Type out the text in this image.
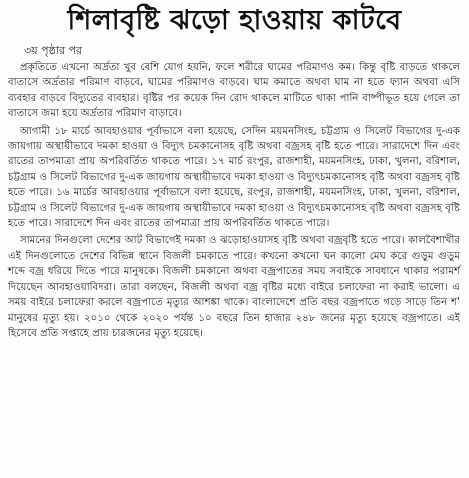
শিলাবৃষ্টি ঝড়ো হাওয়ায় কাটবে
৩য় পৃষ্ঠার পর

প্রকৃতিতে এখনো অর্দ্রতা খুব বেশি যোগ হয়নি, ফলে শরীরে ঘামের পরিমাণও কম। কিন্তু বৃষ্টি বাড়তে থাকলে বাতাসে অর্দ্রতার পরিমাণ বাড়বে, ঘামের পরিমাণও বাড়বে। ঘাম কমাতে অথবা ঘাম না হতে ফ্যান অথবা এসি ব্যবহার বাড়বে বিদ্যুতের ব্যবহার। বৃষ্টির পর কয়েক দিন রোদ থাকলে মাটিতে থাকা পানি বাষ্পীভূত হয়ে গেলে তা বাতাসে জমা হয়ে অর্দ্রতার পরিমাণ বাড়াবে।

আগামী ১৮ মার্চে আবহাওয়ার পূর্বাভাসে বলা হয়েছে, সেদিন ময়মনসিংহ, চট্টগ্রাম ও সিলেট বিভাগের দু-এক জায়গায় অস্থায়ীভাবে দমকা হাওয়া ও বিদ্যুৎ চমকানোসহ বৃষ্টি অথবা বজ্রসহ বৃষ্টি হতে পারে। সারাদেশে দিন এবং রাতের তাপমাত্রা প্রায় অপরিবর্তিত থাকতে পারে। ১৭ মার্চ রংপুর, রাজশাহী, ময়মনসিংহ, ঢাকা, খুলনা, বরিশাল, চট্টগ্রাম ও সিলেট বিভাগের দু-এক জায়গায় অস্থায়ীভাবে দমকা হাওয়া ও বিদ্যুৎচমকানোসহ বৃষ্টি অথবা বজ্রসহ বৃষ্টি হতে পারে। ১৬ মার্চের আবহাওয়ার পূর্বাভাসে বলা হয়েছে, রংপুর, রাজশাহী, ময়মনসিংহ, ঢাকা, খুলনা, বরিশাল, চট্টগ্রাম ও সিলেট বিভাগের দু-এক জায়গায় অস্থায়ীভাবে দমকা হাওয়া ও বিদ্যুৎচমকানোসহ বৃষ্টি অথবা বজ্রসহ বৃষ্টি হতে পারে। সারাদেশে দিন এবং রাতের তাপমাত্রা প্রায় অপরিবর্তিত থাকতে পারে।

সামনের দিনগুলো দেশের আট বিভাগেই দমকা ও ঝড়োহাওয়াসহ বৃষ্টি অথবা বজ্রবৃষ্টি হতে পারে। কালবৈশাখীর এই দিনগুলোতে দেশের বিভিন্ন স্থানে বিজলী চমকাতে পারে। কখনো কখনো ঘন কালো মেঘ করে গুড়ুম গুড়ুম শব্দে বজ্র ধরিয়ে দিতে পারে মানুষকে। বিজলী চমকানো অথবা বজ্রপাতের সময় সবাইকে সাবধানে থাকার পরামর্শ দিয়েছেন আবহাওয়াবিদরা। তারা বলছেন, বিজলী অথবা বজ্র বৃষ্টির মধ্যে বাইরে চলাফেরা না করাই ভালো। এ সময় বাইরে চলাফেরা করলে বজ্রপাতে মৃত্যুর আশঙ্কা থাকে। বাংলাদেশে প্রতি বছর বজ্রপাতে গড়ে সাড়ে তিন শ' মানুষের মৃত্যু হয়। ২০১০ থেকে ২০২০ পর্যন্ত ১০ বছরে তিন হাজার ২৪৮ জনের মৃত্যু হয়েছে বজ্রপাতে। এই হিসেবে প্রতি সপ্তাহে প্রায় চারজনের মৃত্যু হয়েছে।
